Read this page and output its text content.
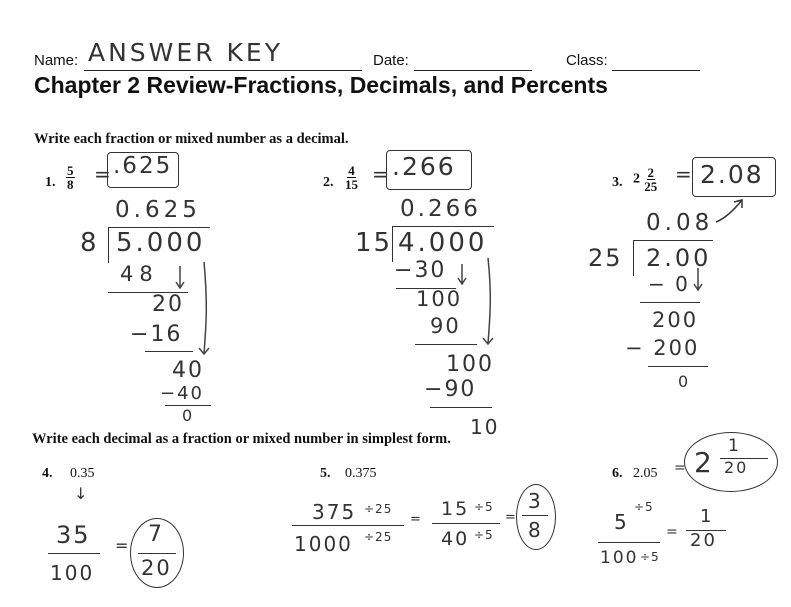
Name: ANSWER KEY	Date:	Class:
Chapter 2 Review-Fractions, Decimals, and Percents
Write each fraction or mixed number as a decimal.
1. $\frac{5}{8} = .625$
0.625
8 5.000
48
20
−16
40
−40
0
2. $\frac{4}{15} = .266$
0.266
15 4.000
−30
100
90
100
−90
10
3. $2 \frac{2}{25} = 2.08$
0.08
25 2.00
− 0
200
− 200
0
Write each decimal as a fraction or mixed number in simplest form.
4. 0.35
↓
35
100
= 7
20
5. 0.375
375
1000
÷25
÷25
= 15
40
÷5
÷5
=
3
8
6. 2.05 = 2 1
20
5
÷5
100 ÷5
=
1
20
